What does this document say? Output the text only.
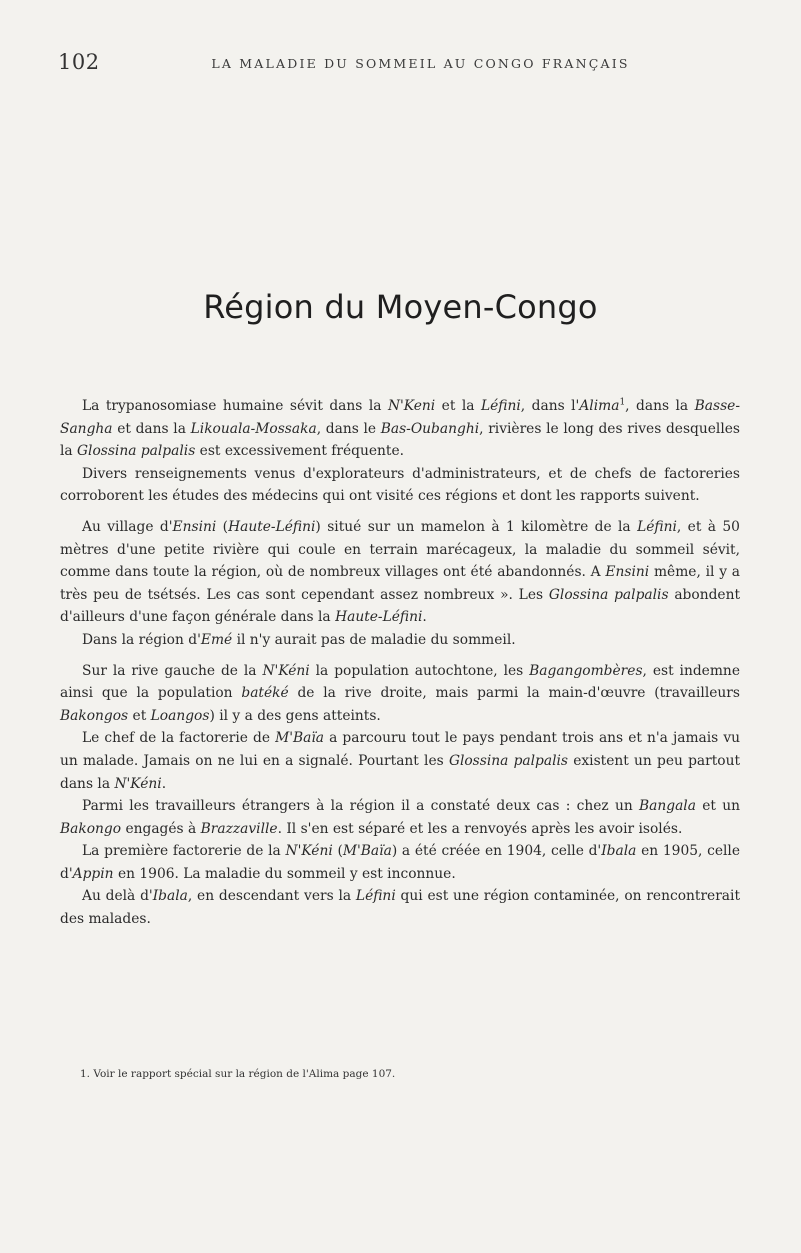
102	LA MALADIE DU SOMMEIL AU CONGO FRANÇAIS
Région du Moyen-Congo

La trypanosomiase humaine sévit dans la N'Keni et la Léfini, dans l'Alima$^1$, dans la Basse-Sangha et dans la Likouala-Mossaka, dans le Bas-Oubanghi, rivières le long des rives desquelles la Glossina palpalis est excessivement fréquente.

Divers renseignements venus d'explorateurs d'administrateurs, et de chefs de factoreries corroborent les études des médecins qui ont visité ces régions et dont les rapports suivent.

Au village d'Ensini (Haute-Léfini) situé sur un mamelon à 1 kilomètre de la Léfini, et à 50 mètres d'une petite rivière qui coule en terrain marécageux, la maladie du sommeil sévit, comme dans toute la région, où de nombreux villages ont été abandonnés. A Ensini même, il y a très peu de tsétsés. Les cas sont cependant assez nombreux ». Les Glossina palpalis abondent d'ailleurs d'une façon générale dans la Haute-Léfini.

Dans la région d'Emé il n'y aurait pas de maladie du sommeil.

Sur la rive gauche de la N'Kéni la population autochtone, les Bagangombères, est indemne ainsi que la population batéké de la rive droite, mais parmi la main-d'œuvre (travailleurs Bakongos et Loangos) il y a des gens atteints.

Le chef de la factorerie de M'Baïa a parcouru tout le pays pendant trois ans et n'a jamais vu un malade. Jamais on ne lui en a signalé. Pourtant les Glossina palpalis existent un peu partout dans la N'Kéni.

Parmi les travailleurs étrangers à la région il a constaté deux cas : chez un Bangala et un Bakongo engagés à Brazzaville. Il s'en est séparé et les a renvoyés après les avoir isolés.

La première factorerie de la N'Kéni (M'Baïa) a été créée en 1904, celle d'Ibala en 1905, celle d'Appin en 1906. La maladie du sommeil y est inconnue.

Au delà d'Ibala, en descendant vers la Léfini qui est une région contaminée, on rencontrerait des malades.

1. Voir le rapport spécial sur la région de l'Alima page 107.
